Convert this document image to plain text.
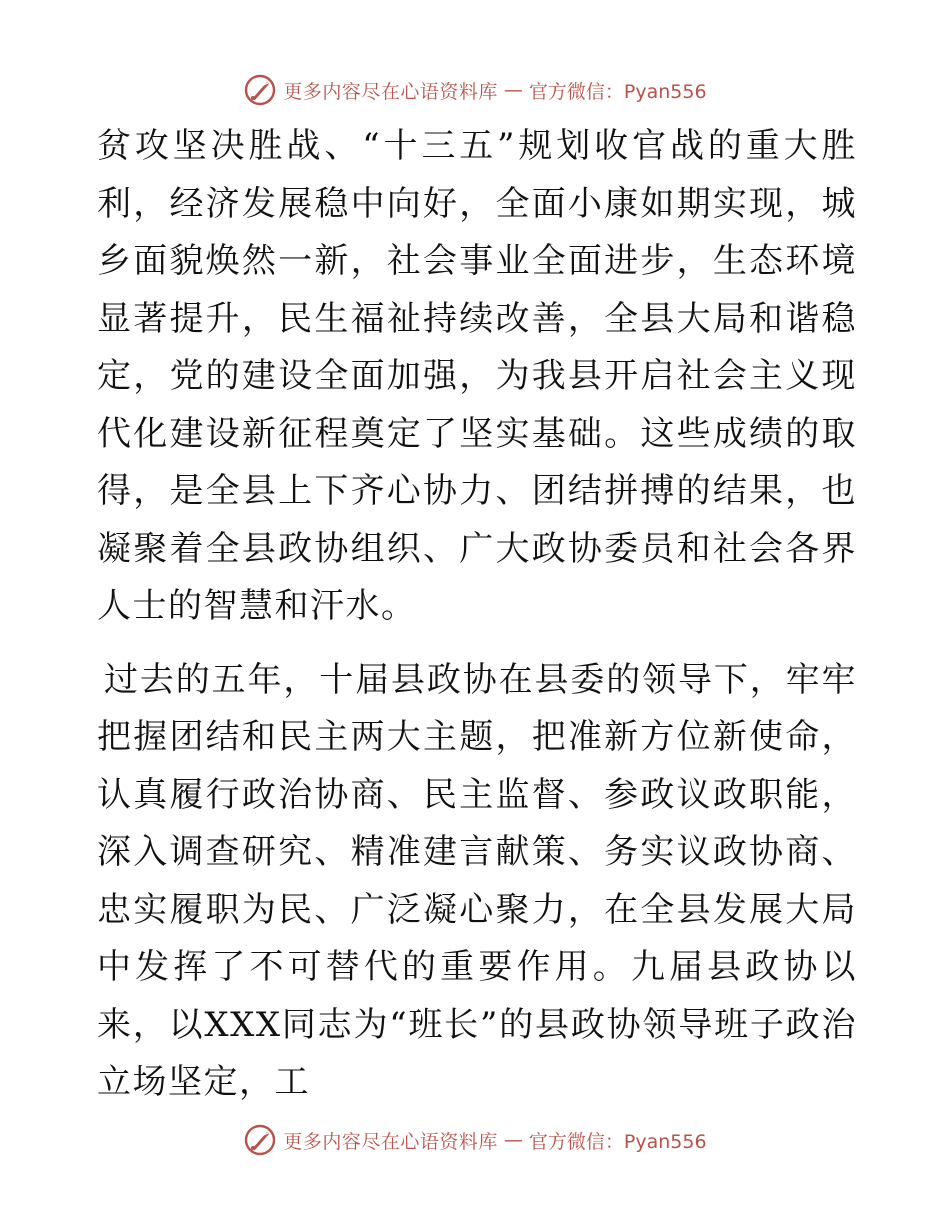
更多内容尽在心语资料库 — 官方微信：Pyan556

贫攻坚决胜战、“十三五”规划收官战的重大胜利，经济发展稳中向好，全面小康如期实现，城乡面貌焕然一新，社会事业全面进步，生态环境显著提升，民生福祉持续改善，全县大局和谐稳定，党的建设全面加强，为我县开启社会主义现代化建设新征程奠定了坚实基础。这些成绩的取得，是全县上下齐心协力、团结拼搏的结果，也凝聚着全县政协组织、广大政协委员和社会各界人士的智慧和汗水。

过去的五年，十届县政协在县委的领导下，牢牢把握团结和民主两大主题，把准新方位新使命，认真履行政治协商、民主监督、参政议政职能，深入调查研究、精准建言献策、务实议政协商、忠实履职为民、广泛凝心聚力，在全县发展大局中发挥了不可替代的重要作用。九届县政协以来，以XXX同志为“班长”的县政协领导班子政治立场坚定，工

更多内容尽在心语资料库 — 官方微信：Pyan556
